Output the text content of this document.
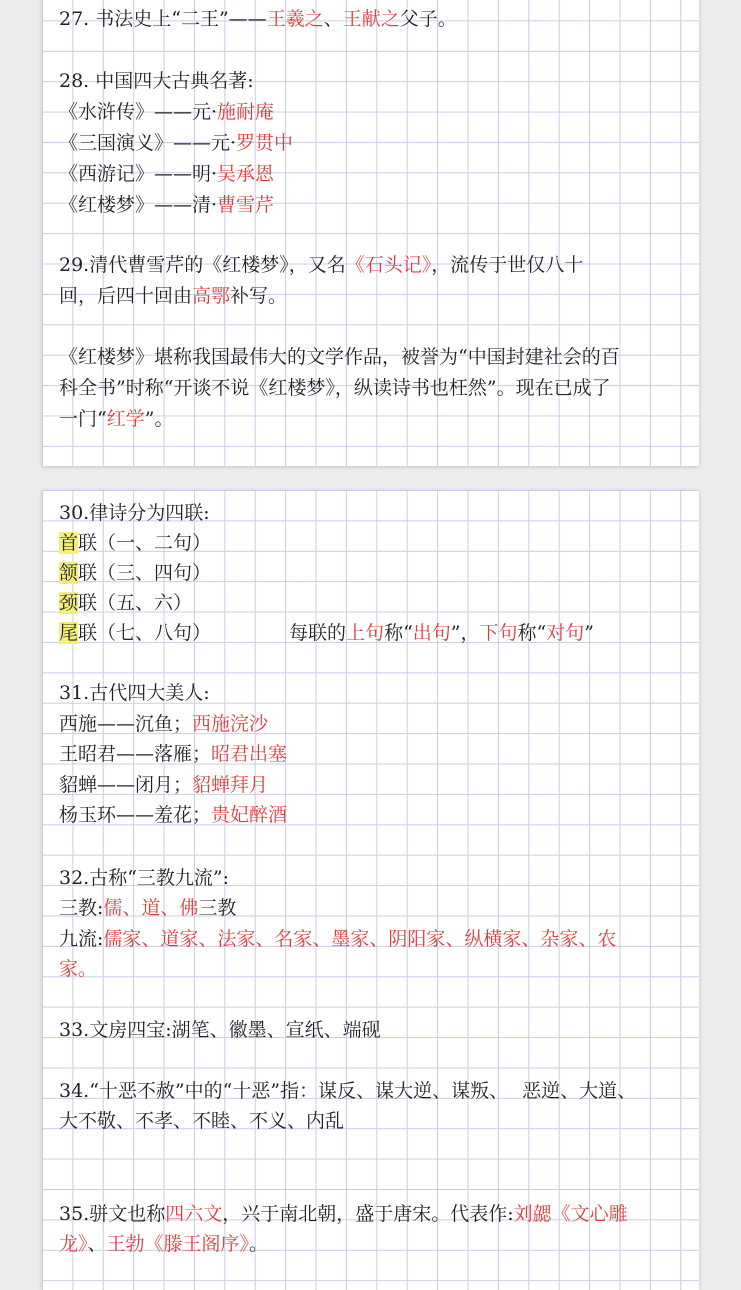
27. 书法史上“二王”——王羲之、王献之父子。
28. 中国四大古典名著:
《水浒传》——元·施耐庵
《三国演义》——元·罗贯中
《西游记》——明·吴承恩
《红楼梦》——清·曹雪芹
29.清代曹雪芹的《红楼梦》，又名《石头记》，流传于世仅八十
回，后四十回由高鄂补写。
《红楼梦》堪称我国最伟大的文学作品，被誉为“中国封建社会的百
科全书”时称“开谈不说《红楼梦》，纵读诗书也枉然”。现在已成了
一门“红学”。
30.律诗分为四联:
首联（一、二句）
颔联（三、四句）
颈联（五、六）
尾联（七、八句）	每联的上句称“出句”，下句称“对句”
31.古代四大美人:
西施——沉鱼；西施浣沙
王昭君——落雁；昭君出塞
貂蝉——闭月；貂蝉拜月
杨玉环——羞花；贵妃醉酒
32.古称“三教九流”:
三教:儒、道、佛三教
九流:儒家、道家、法家、名家、墨家、阴阳家、纵横家、杂家、农
家。
33.文房四宝:湖笔、徽墨、宣纸、端砚
34.“十恶不赦”中的“十恶”指：谋反、谋大逆、谋叛、 恶逆、大道、
大不敬、不孝、不睦、不义、内乱
35.骈文也称四六文，兴于南北朝，盛于唐宋。代表作:刘勰《文心雕
龙》、王勃《滕王阁序》。
